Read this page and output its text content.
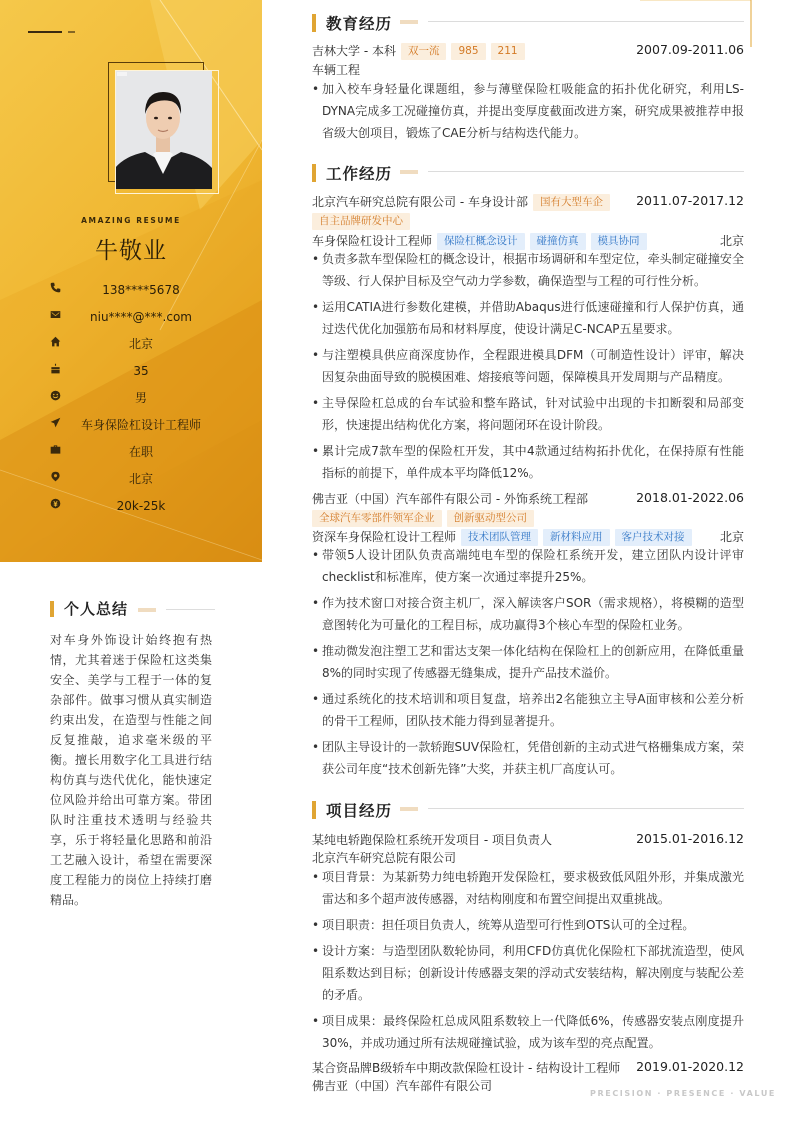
AMAZING RESUME
牛敬业
138****5678
niu****@***.com
北京
35
男
车身保险杠设计工程师
在职
北京
20k-25k
个人总结
对车身外饰设计始终抱有热情，尤其着迷于保险杠这类集安全、美学与工程于一体的复杂部件。做事习惯从真实制造约束出发，在造型与性能之间反复推敲，追求毫米级的平衡。擅长用数字化工具进行结构仿真与迭代优化，能快速定位风险并给出可靠方案。带团队时注重技术透明与经验共享，乐于将轻量化思路和前沿工艺融入设计，希望在需要深度工程能力的岗位上持续打磨精品。
教育经历
吉林大学 - 本科 双一流 985 211	2007.09-2011.06
车辆工程
• 加入校车身轻量化课题组，参与薄壁保险杠吸能盒的拓扑优化研究，利用LS-DYNA完成多工况碰撞仿真，并提出变厚度截面改进方案，研究成果被推荐申报省级大创项目，锻炼了CAE分析与结构迭代能力。
工作经历
北京汽车研究总院有限公司 - 车身设计部 国有大型车企	2011.07-2017.12
自主品牌研发中心
车身保险杠设计工程师 保险杠概念设计 碰撞仿真 模具协同	北京
• 负责多款车型保险杠的概念设计，根据市场调研和车型定位，牵头制定碰撞安全等级、行人保护目标及空气动力学参数，确保造型与工程的可行性分析。
• 运用CATIA进行参数化建模，并借助Abaqus进行低速碰撞和行人保护仿真，通过迭代优化加强筋布局和材料厚度，使设计满足C-NCAP五星要求。
• 与注塑模具供应商深度协作，全程跟进模具DFM（可制造性设计）评审，解决因复杂曲面导致的脱模困难、熔接痕等问题，保障模具开发周期与产品精度。
• 主导保险杠总成的台车试验和整车路试，针对试验中出现的卡扣断裂和局部变形，快速提出结构优化方案，将问题闭环在设计阶段。
• 累计完成7款车型的保险杠开发，其中4款通过结构拓扑优化，在保持原有性能指标的前提下，单件成本平均降低12%。
佛吉亚（中国）汽车部件有限公司 - 外饰系统工程部	2018.01-2022.06
全球汽车零部件领军企业 创新驱动型公司
资深车身保险杠设计工程师 技术团队管理 新材料应用 客户技术对接	北京
• 带领5人设计团队负责高端纯电车型的保险杠系统开发，建立团队内设计评审checklist和标准库，使方案一次通过率提升25%。
• 作为技术窗口对接合资主机厂，深入解读客户SOR（需求规格），将模糊的造型意图转化为可量化的工程目标，成功赢得3个核心车型的保险杠业务。
• 推动微发泡注塑工艺和雷达支架一体化结构在保险杠上的创新应用，在降低重量8%的同时实现了传感器无缝集成，提升产品技术溢价。
• 通过系统化的技术培训和项目复盘，培养出2名能独立主导A面审核和公差分析的骨干工程师，团队技术能力得到显著提升。
• 团队主导设计的一款轿跑SUV保险杠，凭借创新的主动式进气格栅集成方案，荣获公司年度“技术创新先锋”大奖，并获主机厂高度认可。
项目经历
某纯电轿跑保险杠系统开发项目 - 项目负责人	2015.01-2016.12
北京汽车研究总院有限公司
• 项目背景：为某新势力纯电轿跑开发保险杠，要求极致低风阻外形，并集成激光雷达和多个超声波传感器，对结构刚度和布置空间提出双重挑战。
• 项目职责：担任项目负责人，统筹从造型可行性到OTS认可的全过程。
• 设计方案：与造型团队数轮协同，利用CFD仿真优化保险杠下部扰流造型，使风阻系数达到目标；创新设计传感器支架的浮动式安装结构，解决刚度与装配公差的矛盾。
• 项目成果：最终保险杠总成风阻系数较上一代降低6%，传感器安装点刚度提升30%，并成功通过所有法规碰撞试验，成为该车型的亮点配置。
某合资品牌B级轿车中期改款保险杠设计 - 结构设计工程师 2019.01-2020.12
佛吉亚（中国）汽车部件有限公司
PRECISION · PRESENCE · VALUE
